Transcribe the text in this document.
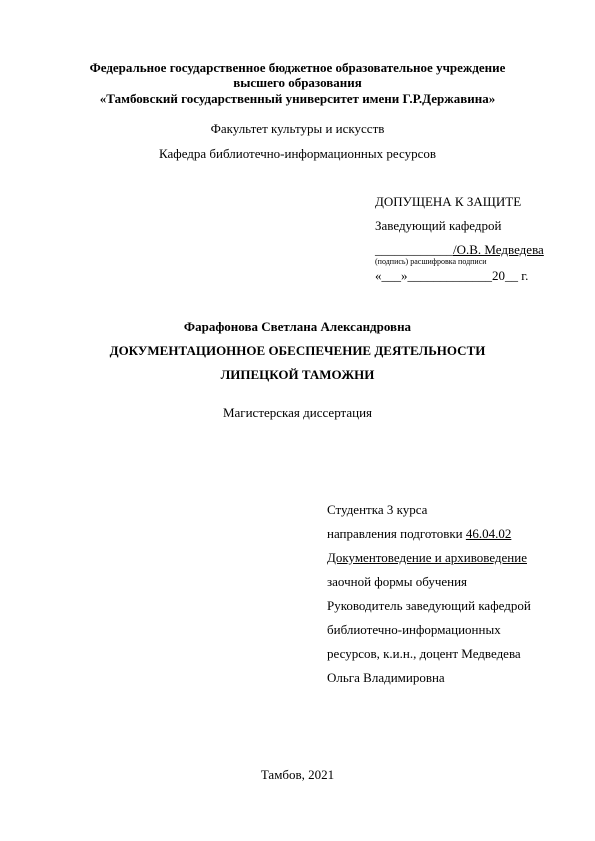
Федеральное государственное бюджетное образовательное учреждение
высшего образования
«Тамбовский государственный университет имени Г.Р.Державина»
Факультет культуры и искусств
Кафедра библиотечно-информационных ресурсов
ДОПУЩЕНА К ЗАЩИТЕ
Заведующий кафедрой
____________/О.В. Медведева
(подпись) расшифровка подписи
«___»_____________20__ г.
Фарафонова Светлана Александровна
ДОКУМЕНТАЦИОННОЕ ОБЕСПЕЧЕНИЕ ДЕЯТЕЛЬНОСТИ
ЛИПЕЦКОЙ ТАМОЖНИ
Магистерская диссертация
Студентка 3 курса
направления подготовки 46.04.02
Документоведение и архивоведение
заочной формы обучения
Руководитель заведующий кафедрой
библиотечно-информационных
ресурсов, к.и.н., доцент Медведева
Ольга Владимировна
Тамбов, 2021
